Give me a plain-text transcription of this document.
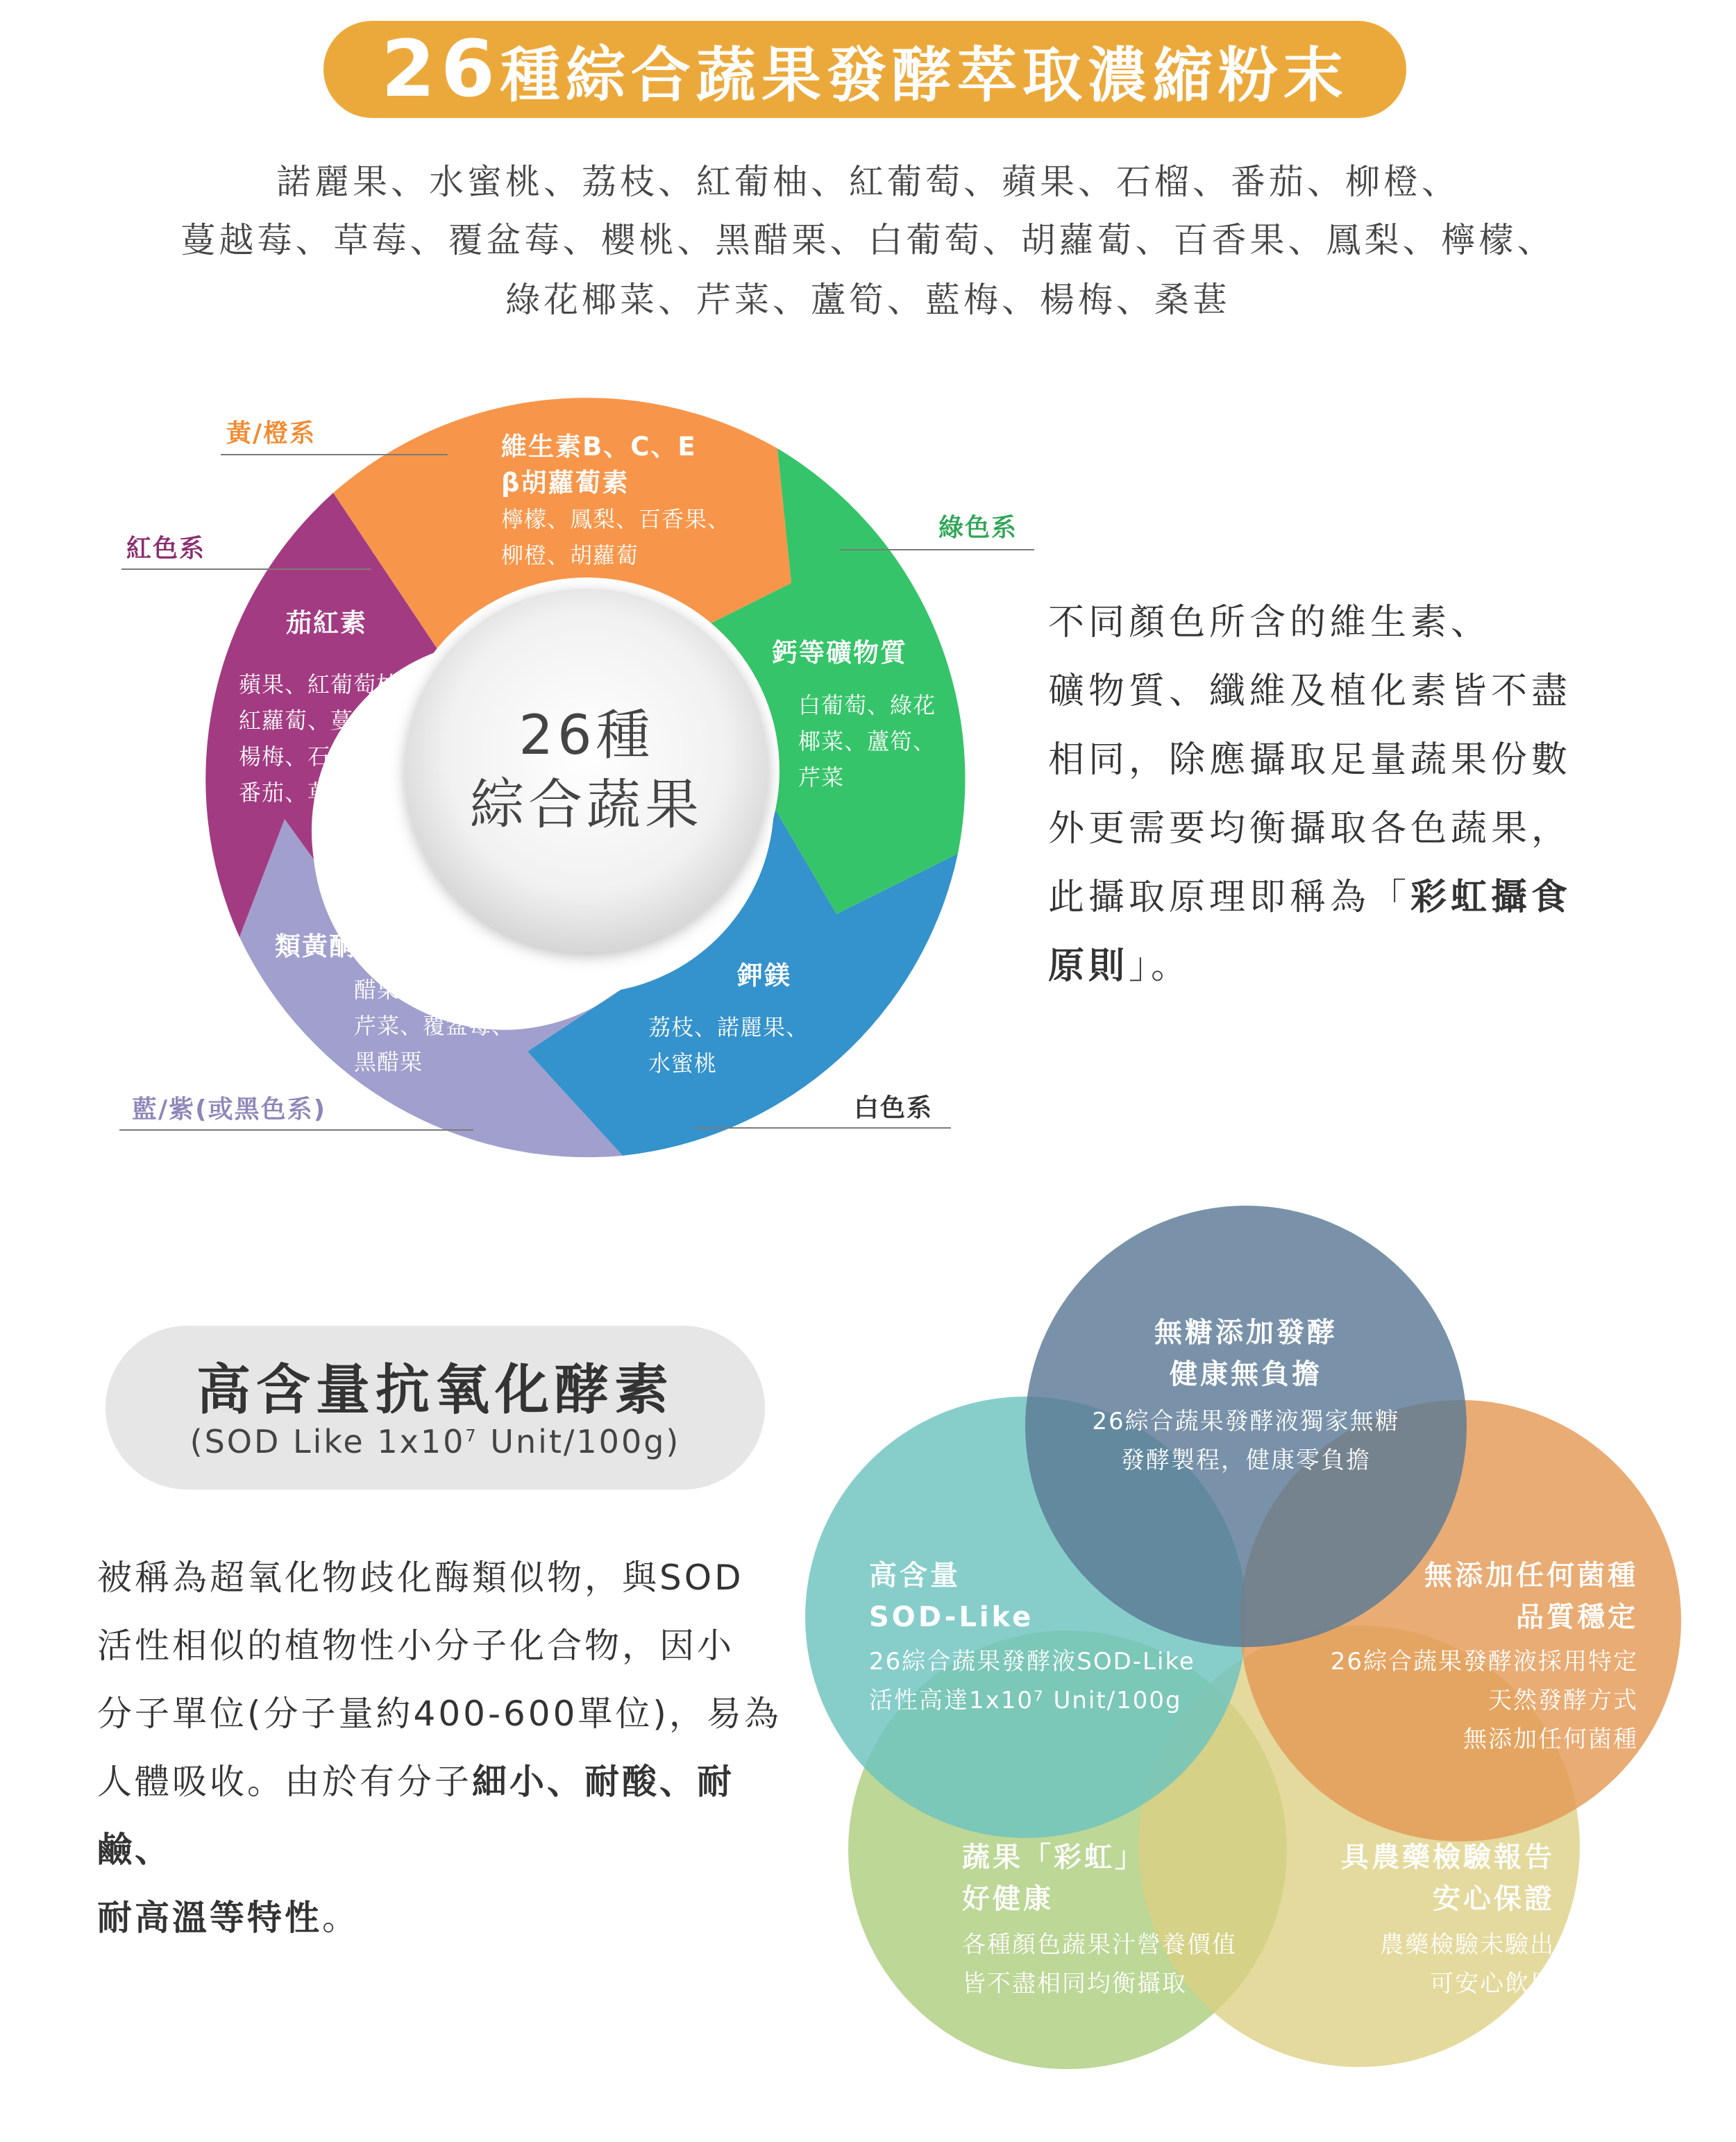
26種綜合蔬果發酵萃取濃縮粉末
諾麗果、水蜜桃、荔枝、紅葡柚、紅葡萄、蘋果、石榴、番茄、柳橙、
蔓越莓、草莓、覆盆莓、櫻桃、黑醋栗、白葡萄、胡蘿蔔、百香果、鳳梨、檸檬、
綠花椰菜、芹菜、蘆筍、藍梅、楊梅、桑葚
黃/橙系
紅色系
綠色系
白色系
藍/紫(或黑色系)
維生素B、C、E
β胡蘿蔔素
檸檬、鳳梨、百香果、
柳橙、胡蘿蔔
茄紅素
蘋果、紅葡萄柚
紅蘿蔔、蔓越莓
楊梅、石榴
番茄、草莓
鈣等礦物質
白葡萄、綠花
椰菜、蘆筍、
芹菜
類黃酮 花青素
醋栗、藍莓、桑葚、
芹菜、覆盆莓、
黑醋栗
鉀鎂
荔枝、諾麗果、
水蜜桃
26種
綜合蔬果
不同顏色所含的維生素、
礦物質、纖維及植化素皆不盡
相同，除應攝取足量蔬果份數
外更需要均衡攝取各色蔬果，
此攝取原理即稱為「彩虹攝食
原則」。
高含量抗氧化酵素
(SOD Like $1x10^7$ Unit/100g)
被稱為超氧化物歧化酶類似物，與SOD
活性相似的植物性小分子化合物，因小
分子單位(分子量約400-600單位)，易為
人體吸收。由於有分子細小、耐酸、耐鹼、
耐高溫等特性。
無糖添加發酵
健康無負擔
26綜合蔬果發酵液獨家無糖
發酵製程，健康零負擔
高含量
SOD-Like
26綜合蔬果發酵液SOD-Like
活性高達1x10⁷ Unit/100g
無添加任何菌種
品質穩定
26綜合蔬果發酵液採用特定
天然發酵方式
無添加任何菌種
蔬果「彩虹」
好健康
各種顏色蔬果汁營養價值
皆不盡相同均衡攝取
具農藥檢驗報告
安心保證
農藥檢驗未驗出
可安心飲用
